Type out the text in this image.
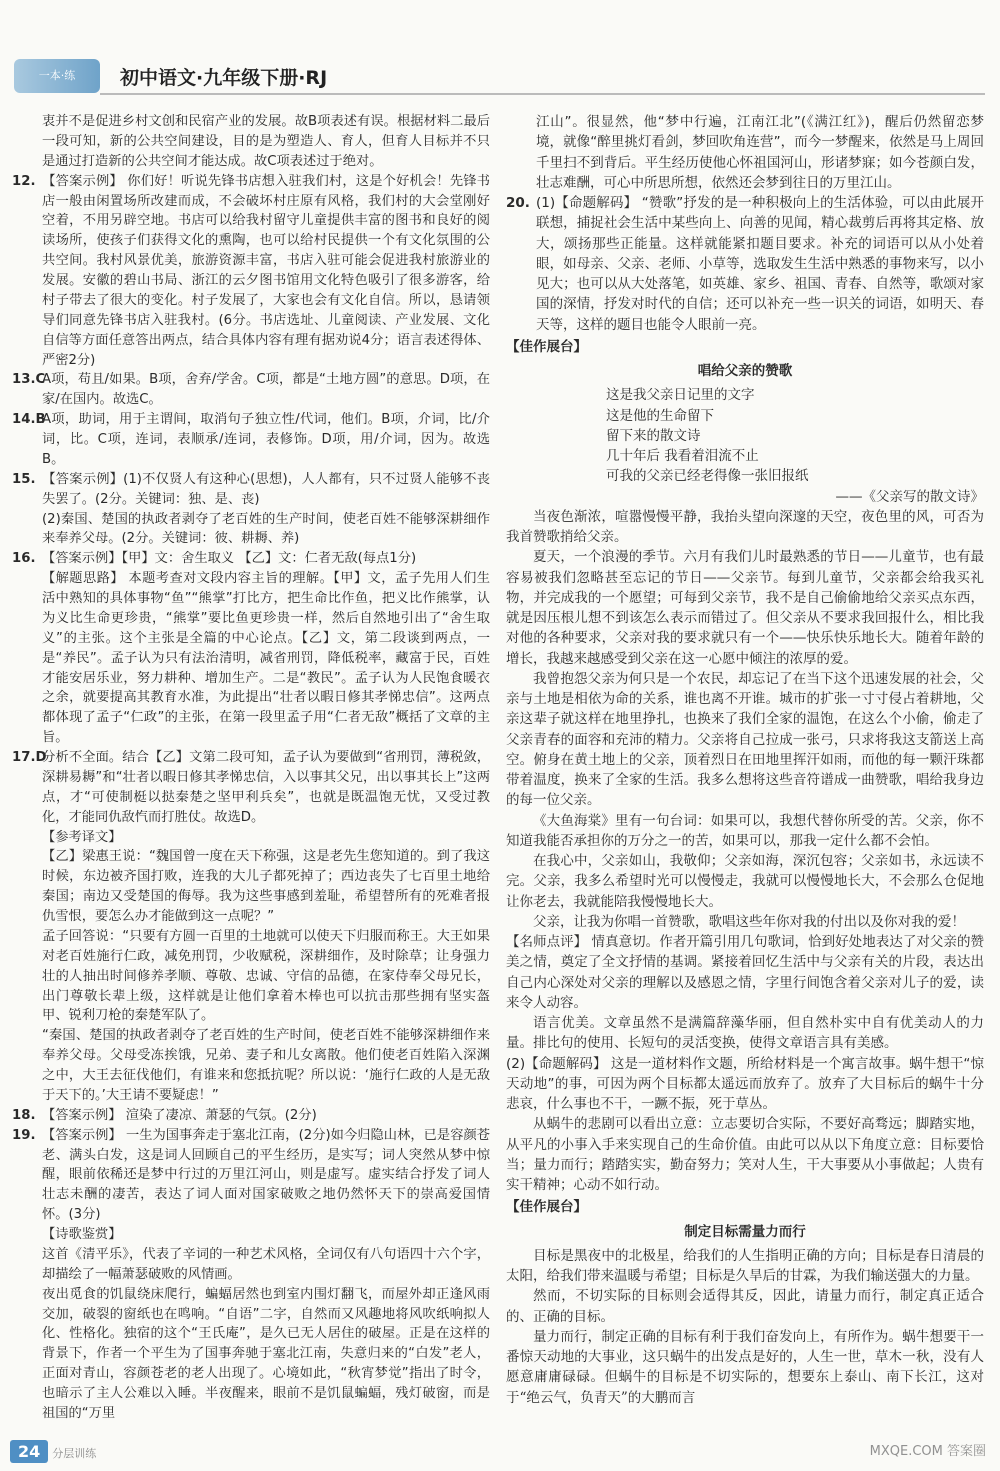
一本·练	初中语文·九年级下册·RJ
衷并不是促进乡村文创和民宿产业的发展。故B项表述有误。根据材料二最后一段可知，新的公共空间建设，目的是为塑造人、育人，但育人目标并不只是通过打造新的公共空间才能达成。故C项表述过于绝对。
12. 【答案示例】 你们好！听说先锋书店想入驻我们村，这是个好机会！先锋书店一般由闲置场所改建而成，不会破坏村庄原有风格，我们村的大会堂刚好空着，不用另辟空地。书店可以给我村留守儿童提供丰富的图书和良好的阅读场所，使孩子们获得文化的熏陶，也可以给村民提供一个有文化氛围的公共空间。我村风景优美，旅游资源丰富，书店入驻可能会促进我村旅游业的发展。安徽的碧山书局、浙江的云夕图书馆用文化特色吸引了很多游客，给村子带去了很大的变化。村子发展了，大家也会有文化自信。所以，恳请领导们同意先锋书店入驻我村。(6分。书店选址、儿童阅读、产业发展、文化自信等方面任意答出两点，结合具体内容有理有据劝说4分；语言表述得体、严密2分)
13.CA项，苟且/如果。B项，舍弃/学舍。C项，都是“土地方圆”的意思。D项，在家/在国内。故选C。
14.BA项，助词，用于主谓间，取消句子独立性/代词，他们。B项，介词，比/介词，比。C项，连词，表顺承/连词，表修饰。D项，用/介词，因为。故选B。
15. 【答案示例】(1)不仅贤人有这种心(思想)，人人都有，只不过贤人能够不丧失罢了。(2分。关键词：独、是、丧)
(2)秦国、楚国的执政者剥夺了老百姓的生产时间，使老百姓不能够深耕细作来奉养父母。(2分。关键词：彼、耕耨、养)
16. 【答案示例】【甲】文：舍生取义 【乙】文：仁者无敌(每点1分)
【解题思路】 本题考查对文段内容主旨的理解。【甲】文，孟子先用人们生活中熟知的具体事物“鱼”“熊掌”打比方，把生命比作鱼，把义比作熊掌，认为义比生命更珍贵，“熊掌”要比鱼更珍贵一样，然后自然地引出了“舍生取义”的主张。这个主张是全篇的中心论点。【乙】文，第二段谈到两点，一是“养民”。孟子认为只有法治清明，减省刑罚，降低税率，藏富于民，百姓才能安居乐业，努力耕种、增加生产。二是“教民”。孟子认为人民饱食暖衣之余，就要提高其教育水准，为此提出“壮者以暇日修其孝悌忠信”。这两点都体现了孟子“仁政”的主张，在第一段里孟子用“仁者无敌”概括了文章的主旨。
17.D分析不全面。结合【乙】文第二段可知，孟子认为要做到“省刑罚，薄税敛，深耕易耨”和“壮者以暇日修其孝悌忠信，入以事其父兄，出以事其长上”这两点，才“可使制梃以挞秦楚之坚甲利兵矣”，也就是既温饱无忧，又受过教化，才能同仇敌忾而打胜仗。故选D。
【参考译文】
【乙】梁惠王说：“魏国曾一度在天下称强，这是老先生您知道的。到了我这时候，东边被齐国打败，连我的大儿子都死掉了；西边丧失了七百里土地给秦国；南边又受楚国的侮辱。我为这些事感到羞耻，希望替所有的死难者报仇雪恨，要怎么办才能做到这一点呢？”
孟子回答说：“只要有方圆一百里的土地就可以使天下归服而称王。大王如果对老百姓施行仁政，减免刑罚，少收赋税，深耕细作，及时除草；让身强力壮的人抽出时间修养孝顺、尊敬、忠诚、守信的品德，在家侍奉父母兄长，出门尊敬长辈上级，这样就是让他们拿着木棒也可以抗击那些拥有坚实盔甲、锐利刀枪的秦楚军队了。
“秦国、楚国的执政者剥夺了老百姓的生产时间，使老百姓不能够深耕细作来奉养父母。父母受冻挨饿，兄弟、妻子和儿女离散。他们使老百姓陷入深渊之中，大王去征伐他们，有谁来和您抵抗呢？所以说：‘施行仁政的人是无敌于天下的。’大王请不要疑虑！”
18. 【答案示例】 渲染了凄凉、萧瑟的气氛。(2分)
19. 【答案示例】 一生为国事奔走于塞北江南，(2分)如今归隐山林，已是容颜苍老、满头白发，这是词人回顾自己的平生经历，是实写；词人突然从梦中惊醒，眼前依稀还是梦中行过的万里江河山，则是虚写。虚实结合抒发了词人壮志未酬的凄苦，表达了词人面对国家破败之地仍然怀天下的崇高爱国情怀。(3分)
【诗歌鉴赏】
这首《清平乐》，代表了辛词的一种艺术风格，全词仅有八句语四十六个字，却描绘了一幅萧瑟破败的风情画。
夜出觅食的饥鼠绕床爬行，蝙蝠居然也到室内围灯翻飞，而屋外却正逢风雨交加，破裂的窗纸也在鸣响。“自语”二字，自然而又风趣地将风吹纸响拟人化、性格化。独宿的这个“王氏庵”，是久已无人居住的破屋。正是在这样的背景下，作者一个平生为了国事奔驰于塞北江南，失意归来的“白发”老人，正面对青山，容颜苍老的老人出现了。心境如此，“秋宵梦觉”指出了时令，也暗示了主人公难以入睡。半夜醒来，眼前不是饥鼠蝙蝠，残灯破窗，而是祖国的“万里
江山”。很显然，他“梦中行遍，江南江北”(《满江红》)，醒后仍然留恋梦境，就像“醉里挑灯看剑，梦回吹角连营”，而今一梦醒来，依然是马上周回千里扫不到背后。平生经历使他心怀祖国河山，形诸梦寐；如今苍颜白发，壮志难酬，可心中所思所想，依然还会梦到往日的万里江山。
20. (1)【命题解码】 “赞歌”抒发的是一种积极向上的生活体验，可以由此展开联想，捕捉社会生活中某些向上、向善的见闻，精心裁剪后再将其定格、放大，颂扬那些正能量。这样就能紧扣题目要求。补充的词语可以从小处着眼，如母亲、父亲、老师、小草等，选取发生生活中熟悉的事物来写，以小见大；也可以从大处落笔，如英雄、家乡、祖国、青春、自然等，歌颂对家国的深情，抒发对时代的自信；还可以补充一些一识关的词语，如明天、春天等，这样的题目也能令人眼前一亮。
【佳作展台】
唱给父亲的赞歌
这是我父亲日记里的文字
这是他的生命留下
留下来的散文诗
几十年后 我看着泪流不止
可我的父亲已经老得像一张旧报纸
——《父亲写的散文诗》
当夜色渐浓，喧嚣慢慢平静，我抬头望向深邃的天空，夜色里的风，可否为我首赞歌捎给父亲。
夏天，一个浪漫的季节。六月有我们儿时最熟悉的节日——儿童节，也有最容易被我们忽略甚至忘记的节日——父亲节。每到儿童节，父亲都会给我买礼物，并完成我的一个愿望；可每到父亲节，我不是自己偷偷地给父亲买点东西，就是因压根儿想不到该怎么表示而错过了。但父亲从不要求我回报什么，相比我对他的各种要求，父亲对我的要求就只有一个——快乐快乐地长大。随着年龄的增长，我越来越感受到父亲在这一心愿中倾注的浓厚的爱。
我曾抱怨父亲为何只是一个农民，却忘记了在当下这个迅速发展的社会，父亲与土地是相依为命的关系，谁也离不开谁。城市的扩张一寸寸侵占着耕地，父亲这辈子就这样在地里挣扎，也换来了我们全家的温饱，在这么个小偷，偷走了父亲青春的面容和充沛的精力。父亲将自己拉成一张弓，只求将我这支箭送上高空。俯身在黄土地上的父亲，顶着烈日在田地里挥汗如雨，而他的每一颗汗珠都带着温度，换来了全家的生活。我多么想将这些音符谱成一曲赞歌，唱给我身边的每一位父亲。
《大鱼海棠》里有一句台词：如果可以，我想代替你所受的苦。父亲，你不知道我能否承担你的万分之一的苦，如果可以，那我一定什么都不会怕。
在我心中，父亲如山，我敬仰；父亲如海，深沉包容；父亲如书，永远读不完。父亲，我多么希望时光可以慢慢走，我就可以慢慢地长大，不会那么仓促地让你老去，我就能陪我慢慢地长大。
父亲，让我为你唱一首赞歌，歌唱这些年你对我的付出以及你对我的爱！
【名师点评】 情真意切。作者开篇引用几句歌词，恰到好处地表达了对父亲的赞美之情，奠定了全文抒情的基调。紧接着回忆生活中与父亲有关的片段，表达出自己内心深处对父亲的理解以及感恩之情，字里行间饱含着父亲对儿子的爱，读来令人动容。
语言优美。文章虽然不是满篇辞藻华丽，但自然朴实中自有优美动人的力量。排比句的使用、长短句的灵活变换，使得文章语言具有美感。
(2)【命题解码】 这是一道材料作文题，所给材料是一个寓言故事。蜗牛想干“惊天动地”的事，可因为两个目标都太遥远而放弃了。放弃了大目标后的蜗牛十分悲哀，什么事也不干，一蹶不振，死于草丛。
从蜗牛的悲剧可以看出立意：立志要切合实际，不要好高骛远；脚踏实地，从平凡的小事入手来实现自己的生命价值。由此可以从以下角度立意：目标要恰当；量力而行；踏踏实实，勤奋努力；笑对人生，干大事要从小事做起；人贵有实干精神；心动不如行动。
【佳作展台】
制定目标需量力而行
目标是黑夜中的北极星，给我们的人生指明正确的方向；目标是春日清晨的太阳，给我们带来温暖与希望；目标是久旱后的甘霖，为我们输送强大的力量。
然而，不切实际的目标则会适得其反，因此，请量力而行，制定真正适合的、正确的目标。
量力而行，制定正确的目标有利于我们奋发向上，有所作为。蜗牛想要干一番惊天动地的大事业，这只蜗牛的出发点是好的，人生一世，草木一秋，没有人愿意庸庸碌碌。但蜗牛的目标是不切实际的，想要东上泰山、南下长江，这对于“绝云气，负青天”的大鹏而言
24 分层训练	MXQE.COM 答案圈
